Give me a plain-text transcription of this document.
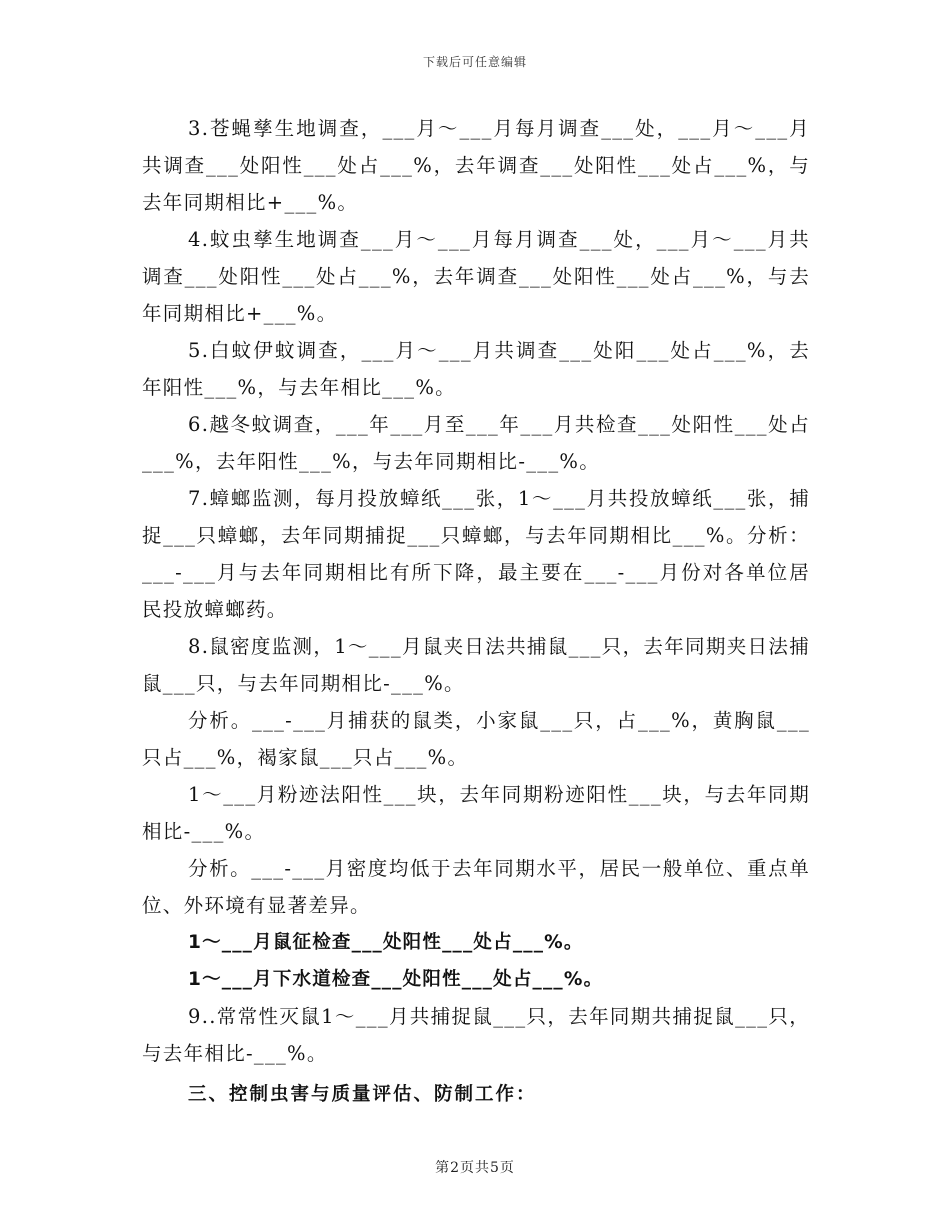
下载后可任意编辑

3.苍蝇孳生地调查，___月～___月每月调查___处，___月～___月共调查___处阳性___处占___%，去年调查___处阳性___处占___%，与去年同期相比+___%。

4.蚊虫孳生地调查___月～___月每月调查___处，___月～___月共调查___处阳性___处占___%，去年调查___处阳性___处占___%，与去年同期相比+___%。

5.白蚊伊蚊调查，___月～___月共调查___处阳___处占___%，去年阳性___%，与去年相比___%。

6.越冬蚊调查，___年___月至___年___月共检查___处阳性___处占___%，去年阳性___%，与去年同期相比-___%。

7.蟑螂监测，每月投放蟑纸___张，1～___月共投放蟑纸___张，捕捉___只蟑螂，去年同期捕捉___只蟑螂，与去年同期相比___%。分析：___-___月与去年同期相比有所下降，最主要在___-___月份对各单位居民投放蟑螂药。

8.鼠密度监测，1～___月鼠夹日法共捕鼠___只，去年同期夹日法捕鼠___只，与去年同期相比-___%。

分析。___-___月捕获的鼠类，小家鼠___只，占___%，黄胸鼠___只占___%，褐家鼠___只占___%。

1～___月粉迹法阳性___块，去年同期粉迹阳性___块，与去年同期相比-___%。

分析。___-___月密度均低于去年同期水平，居民一般单位、重点单位、外环境有显著差异。

1～___月鼠征检查___处阳性___处占___%。

1～___月下水道检查___处阳性___处占___%。

9..常常性灭鼠1～___月共捕捉鼠___只，去年同期共捕捉鼠___只，与去年相比-___%。

三、控制虫害与质量评估、防制工作：

第2页共5页
